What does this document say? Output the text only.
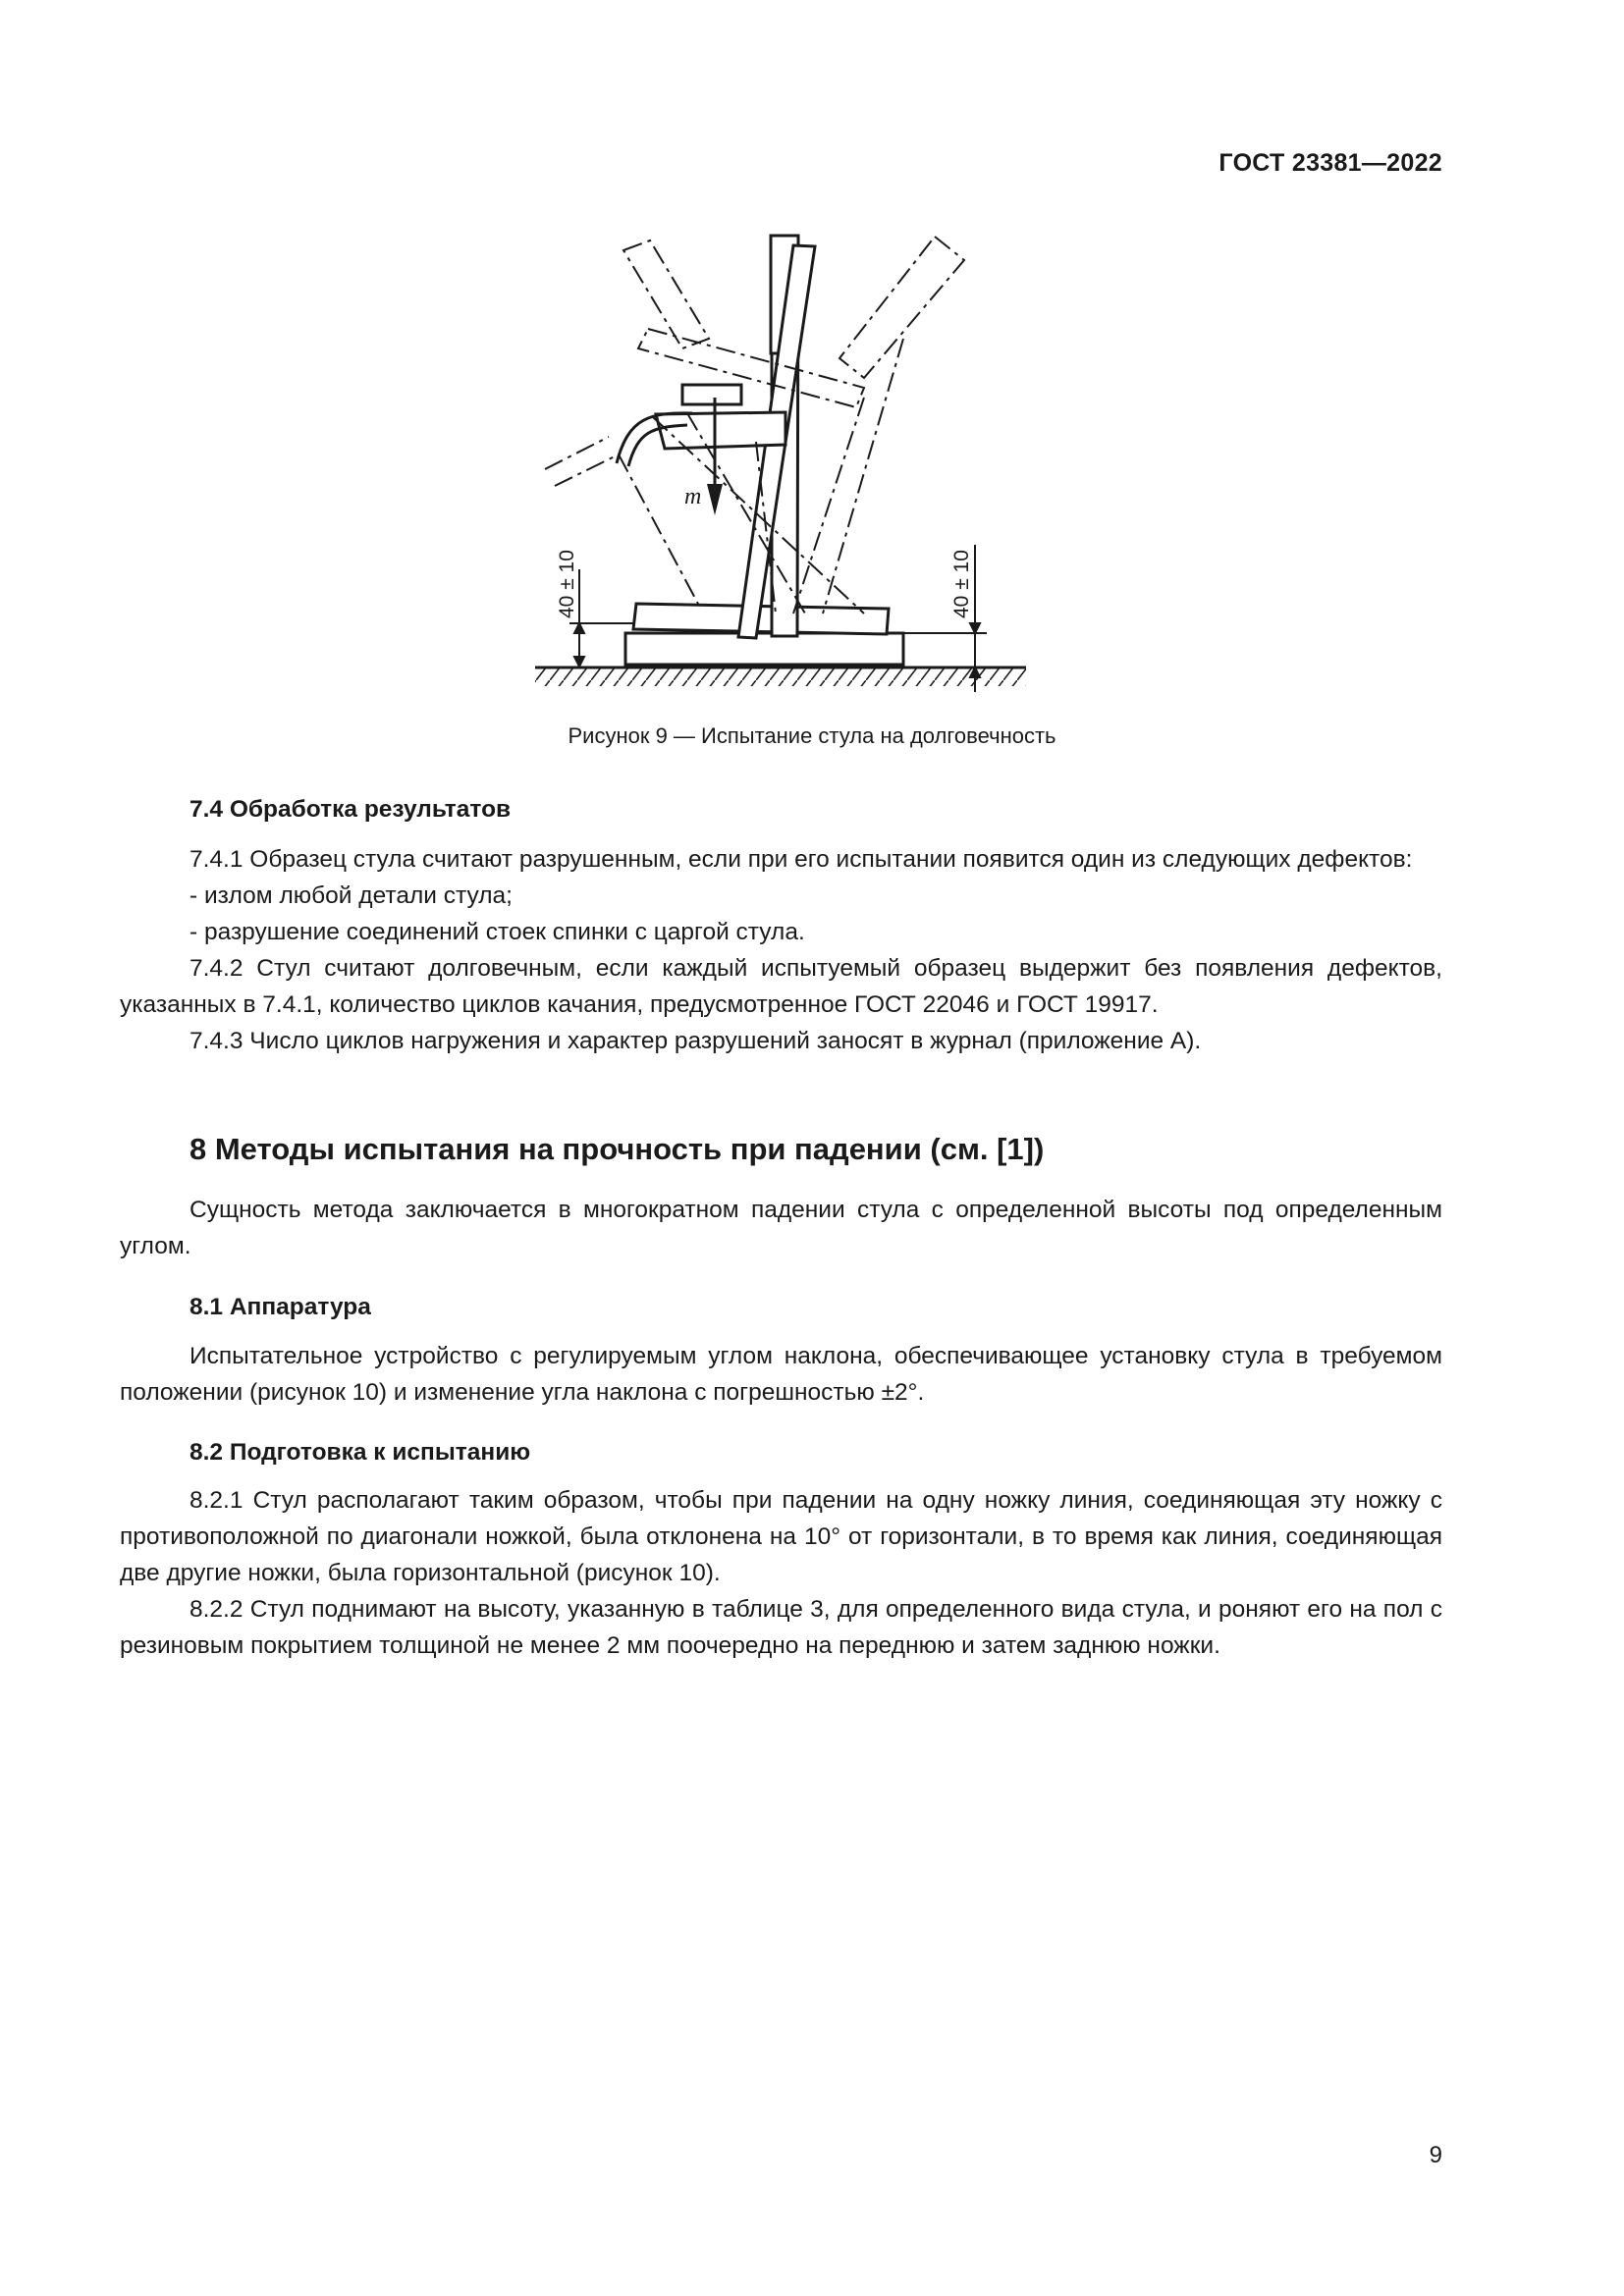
ГОСТ 23381—2022
m
40 ± 10	40 ± 10
Рисунок 9 — Испытание стула на долговечность
7.4 Обработка результатов

7.4.1 Образец стула считают разрушенным, если при его испытании появится один из следующих дефектов:

- излом любой детали стула;

- разрушение соединений стоек спинки с царгой стула.

7.4.2 Стул считают долговечным, если каждый испытуемый образец выдержит без появления дефектов, указанных в 7.4.1, количество циклов качания, предусмотренное ГОСТ 22046 и ГОСТ 19917.

7.4.3 Число циклов нагружения и характер разрушений заносят в журнал (приложение А).

8 Методы испытания на прочность при падении (см. [1])

Сущность метода заключается в многократном падении стула с определенной высоты под определенным углом.

8.1 Аппаратура

Испытательное устройство с регулируемым углом наклона, обеспечивающее установку стула в требуемом положении (рисунок 10) и изменение угла наклона с погрешностью ±2°.

8.2 Подготовка к испытанию

8.2.1 Стул располагают таким образом, чтобы при падении на одну ножку линия, соединяющая эту ножку с противоположной по диагонали ножкой, была отклонена на 10° от горизонтали, в то время как линия, соединяющая две другие ножки, была горизонтальной (рисунок 10).

8.2.2 Стул поднимают на высоту, указанную в таблице 3, для определенного вида стула, и роняют его на пол с резиновым покрытием толщиной не менее 2 мм поочередно на переднюю и затем заднюю ножки.

9
